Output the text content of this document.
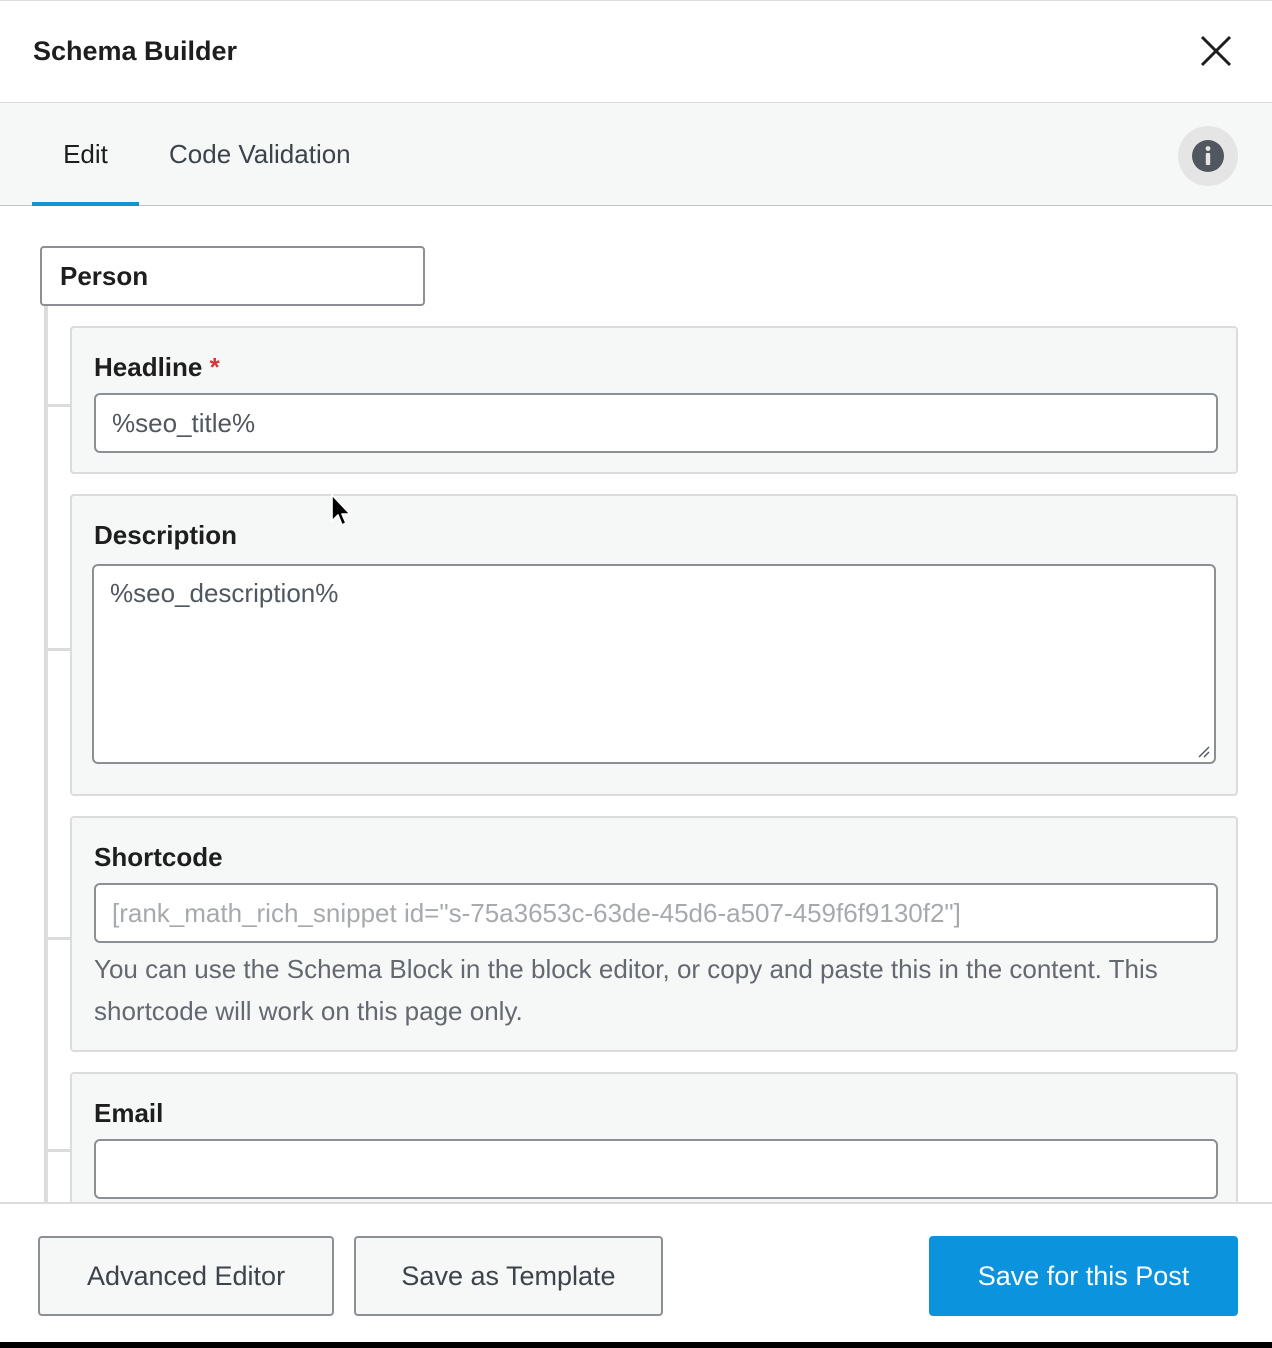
Schema Builder
Edit	Code Validation
Person
Headline *
%seo_title%
Description
%seo_description%
Shortcode
[rank_math_rich_snippet id="s-75a3653c-63de-45d6-a507-459f6f9130f2"]
You can use the Schema Block in the block editor, or copy and paste this in the content. This shortcode will work on this page only.
Email
Advanced Editor	Save as Template	Save for this Post
